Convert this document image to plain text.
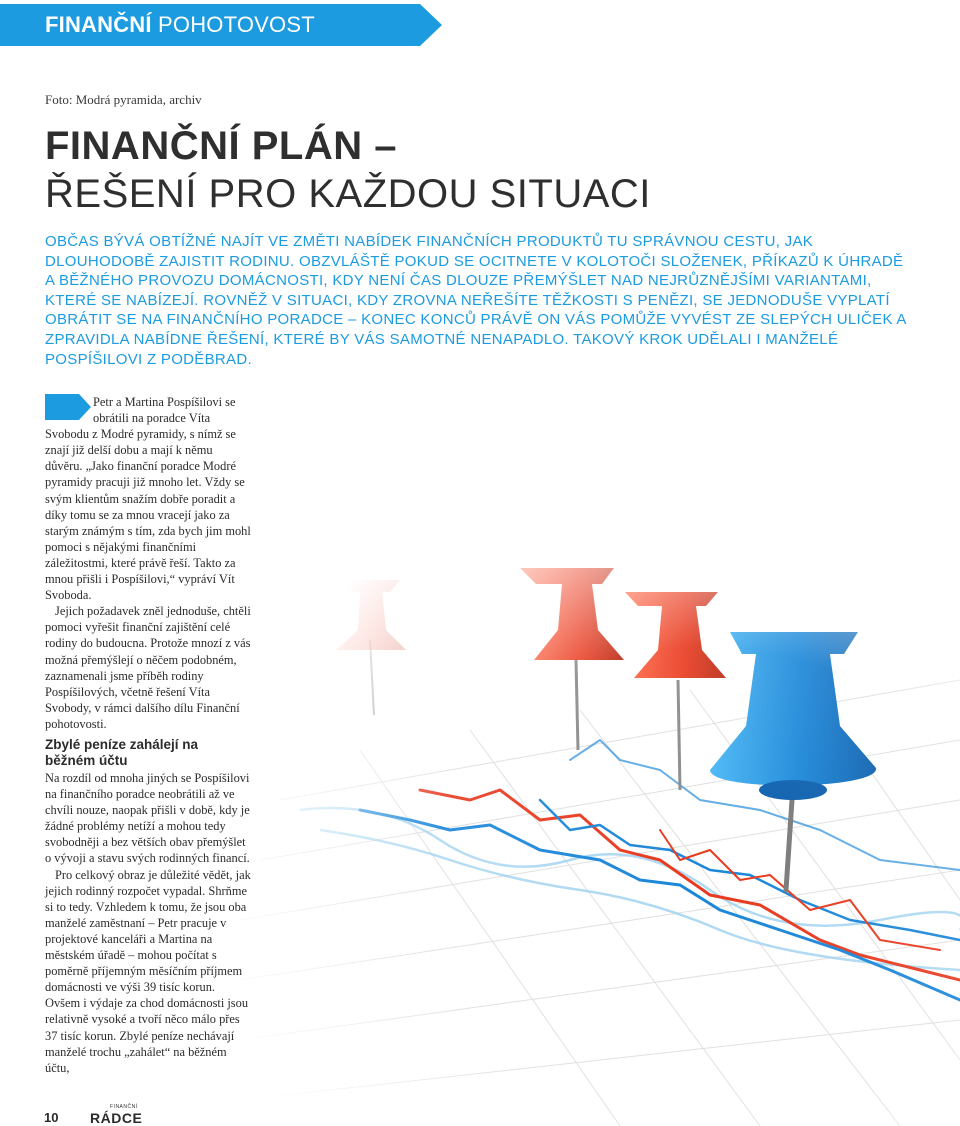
FINANČNÍ POHOTOVOST
Foto: Modrá pyramida, archiv
FINANČNÍ PLÁN –
ŘEŠENÍ PRO KAŽDOU SITUACI
OBČAS BÝVÁ OBTÍŽNÉ NAJÍT VE ZMĚTI NABÍDEK FINANČNÍCH PRODUKTŮ TU SPRÁVNOU CESTU, JAK DLOUHODOBĚ ZAJISTIT RODINU. OBZVLÁŠTĚ POKUD SE OCITNETE V KOLOTOČI SLOŽENEK, PŘÍKAZŮ K ÚHRADĚ A BĚŽNÉHO PROVOZU DOMÁCNOSTI, KDY NENÍ ČAS DLOUZE PŘEMÝŠLET NAD NEJRŮZNĚJŠÍMI VARIANTAMI, KTERÉ SE NABÍZEJÍ. ROVNĚŽ V SITUACI, KDY ZROVNA NEŘEŠÍTE TĚŽKOSTI S PENĚZI, SE JEDNODUŠE VYPLATÍ OBRÁTIT SE NA FINANČNÍHO PORADCE – KONEC KONCŮ PRÁVĚ ON VÁS POMŮŽE VYVÉST ZE SLEPÝCH ULIČEK A ZPRAVIDLA NABÍDNE ŘEŠENÍ, KTERÉ BY VÁS SAMOTNÉ NENAPADLO. TAKOVÝ KROK UDĚLALI I MANŽELÉ POSPÍŠILOVI Z PODĚBRAD.

Petr a Martina Pospíšilovi se obrátili na poradce Víta Svobodu z Modré pyramidy, s nímž se znají již delší dobu a mají k němu důvěru. „Jako finanční poradce Modré pyramidy pracuji již mnoho let. Vždy se svým klientům snažím dobře poradit a díky tomu se za mnou vracejí jako za starým známým s tím, zda bych jim mohl pomoci s nějakými finančními záležitostmi, které právě řeší. Takto za mnou přišli i Pospíšilovi,“ vypráví Vít Svoboda.

Jejich požadavek zněl jednoduše, chtěli pomoci vyřešit finanční zajištění celé rodiny do budoucna. Protože mnozí z vás možná přemýšlejí o něčem podobném, zaznamenali jsme příběh rodiny Pospíšilových, včetně řešení Víta Svobody, v rámci dalšího dílu Finanční pohotovosti.

Zbylé peníze zahálejí na běžném účtu

Na rozdíl od mnoha jiných se Pospíšilovi na finančního poradce neobrátili až ve chvíli nouze, naopak přišli v době, kdy je žádné problémy netíží a mohou tedy svobodněji a bez větších obav přemýšlet o vývoji a stavu svých rodinných financí.

Pro celkový obraz je důležité vědět, jak jejich rodinný rozpočet vypadal. Shrňme si to tedy. Vzhledem k tomu, že jsou oba manželé zaměstnaní – Petr pracuje v projektové kanceláři a Martina na městském úřadě – mohou počítat s poměrně příjemným měsíčním příjmem domácnosti ve výši 39 tisíc korun. Ovšem i výdaje za chod domácnosti jsou relativně vysoké a tvoří něco málo přes 37 tisíc korun. Zbylé peníze nechávají manželé trochu „zahálet“ na běžném účtu,

10
FINANČNÍ
RÁDCE
